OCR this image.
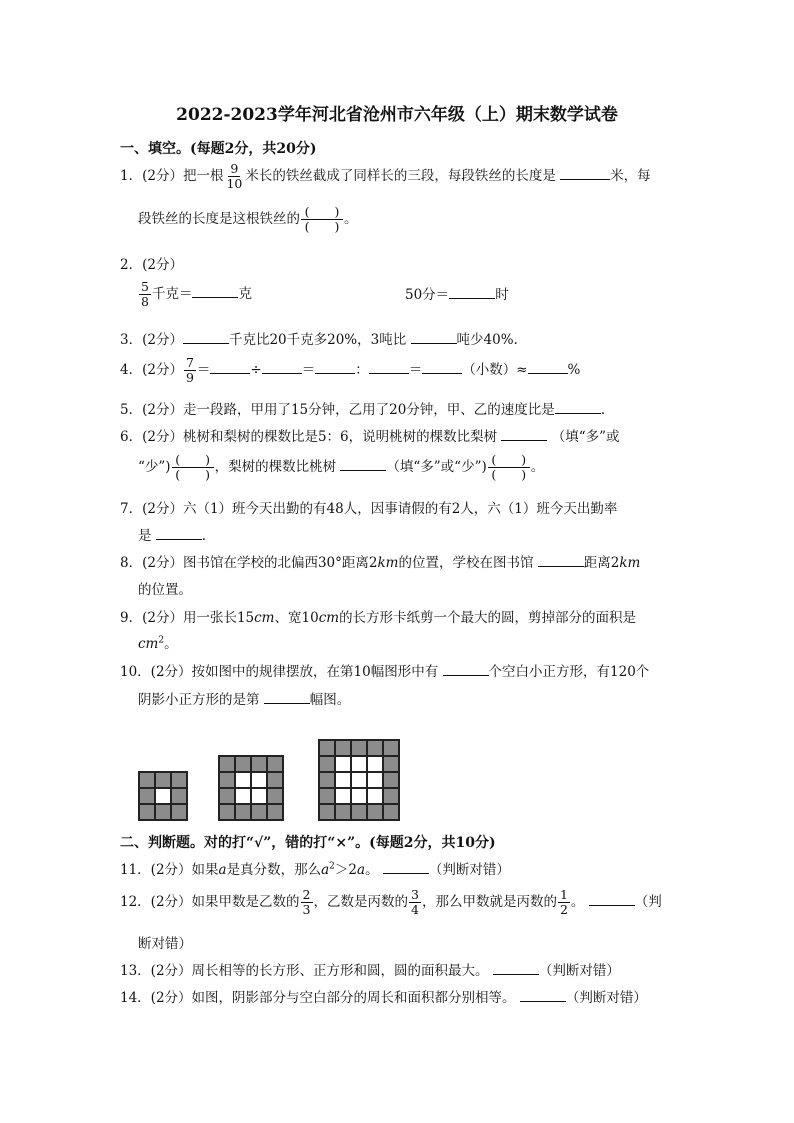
2022-2023学年河北省沧州市六年级（上）期末数学试卷
一、填空。(每题2分，共20分)
1．(2分）把一根 $\frac{9}{10}$ 米长的铁丝截成了同样长的三段，每段铁丝的长度是	米，每
段铁丝的长度是这根铁丝的 $\frac{( )}{( )}$ 。
2．(2分）
$\frac{5}{8}$ 千克＝	克	50分＝	时
3．(2分）	千克比20千克多20%，3吨比	吨少40%.
4．(2分） $\frac{7}{9}$ ＝	÷	＝	：	＝	（小数）≈	%
5．(2分）走一段路，甲用了15分钟，乙用了20分钟，甲、乙的速度比是	.
6．(2分）桃树和梨树的棵数比是5：6，说明桃树的棵数比梨树	（填“多”或
“少”) $\frac{( )}{( )}$ ，梨树的棵数比桃树	（填“多”或“少”) $\frac{( )}{( )}$ 。
7．(2分）六（1）班今天出勤的有48人，因事请假的有2人，六（1）班今天出勤率
是	.
8．(2分）图书馆在学校的北偏西30°距离2km的位置，学校在图书馆	距离2km
的位置。
9．(2分）用一张长15cm、宽10cm的长方形卡纸剪一个最大的圆，剪掉部分的面积是
$cm^2$。
10．(2分）按如图中的规律摆放，在第10幅图形中有	个空白小正方形，有120个
阴影小正方形的是第	幅图。
二、判断题。对的打“√”，错的打“×”。(每题2分，共10分)
11．(2分）如果a是真分数，那么$a^2>2a$。	（判断对错）
12．(2分）如果甲数是乙数的 $\frac{2}{3}$ ，乙数是丙数的 $\frac{3}{4}$ ，那么甲数就是丙数的 $\frac{1}{2}$ 。	（判
断对错）
13．(2分）周长相等的长方形、正方形和圆，圆的面积最大。	（判断对错）
14．(2分）如图，阴影部分与空白部分的周长和面积都分别相等。	（判断对错）
